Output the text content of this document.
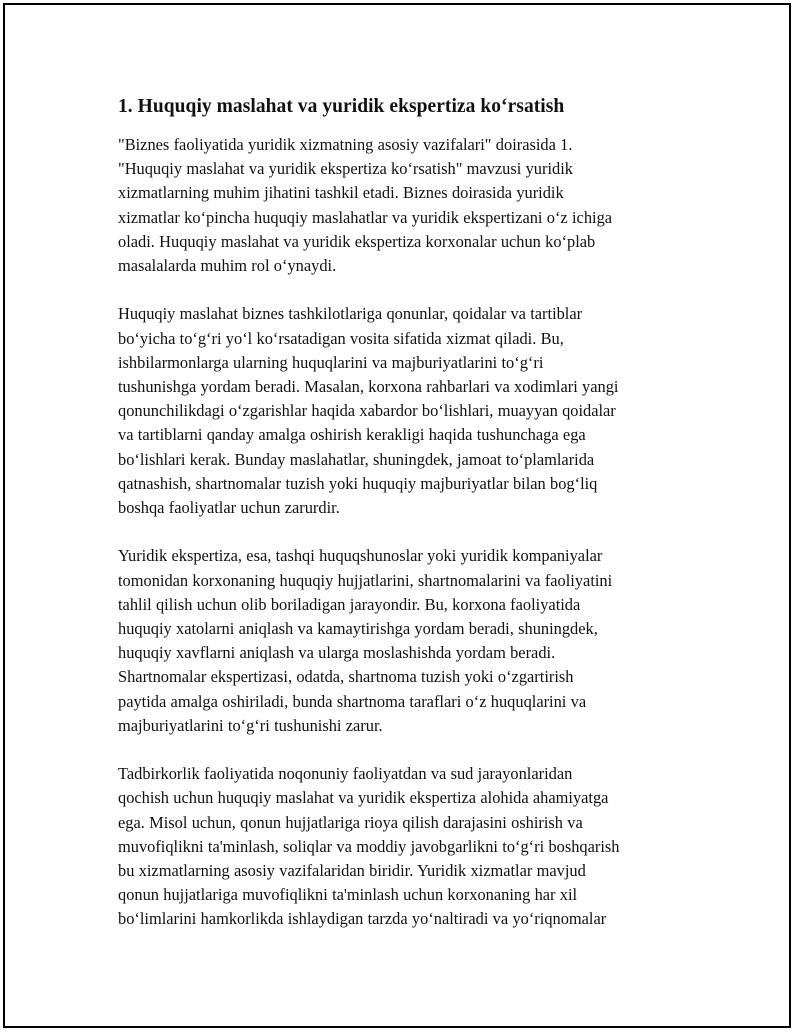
1. Huquqiy maslahat va yuridik ekspertiza ko‘rsatish

"Biznes faoliyatida yuridik xizmatning asosiy vazifalari" doirasida 1.
"Huquqiy maslahat va yuridik ekspertiza ko‘rsatish" mavzusi yuridik
xizmatlarning muhim jihatini tashkil etadi. Biznes doirasida yuridik
xizmatlar ko‘pincha huquqiy maslahatlar va yuridik ekspertizani o‘z ichiga
oladi. Huquqiy maslahat va yuridik ekspertiza korxonalar uchun ko‘plab
masalalarda muhim rol o‘ynaydi.

Huquqiy maslahat biznes tashkilotlariga qonunlar, qoidalar va tartiblar
bo‘yicha to‘g‘ri yo‘l ko‘rsatadigan vosita sifatida xizmat qiladi. Bu,
ishbilarmonlarga ularning huquqlarini va majburiyatlarini to‘g‘ri
tushunishga yordam beradi. Masalan, korxona rahbarlari va xodimlari yangi
qonunchilikdagi o‘zgarishlar haqida xabardor bo‘lishlari, muayyan qoidalar
va tartiblarni qanday amalga oshirish kerakligi haqida tushunchaga ega
bo‘lishlari kerak. Bunday maslahatlar, shuningdek, jamoat to‘plamlarida
qatnashish, shartnomalar tuzish yoki huquqiy majburiyatlar bilan bog‘liq
boshqa faoliyatlar uchun zarurdir.

Yuridik ekspertiza, esa, tashqi huquqshunoslar yoki yuridik kompaniyalar
tomonidan korxonaning huquqiy hujjatlarini, shartnomalarini va faoliyatini
tahlil qilish uchun olib boriladigan jarayondir. Bu, korxona faoliyatida
huquqiy xatolarni aniqlash va kamaytirishga yordam beradi, shuningdek,
huquqiy xavflarni aniqlash va ularga moslashishda yordam beradi.
Shartnomalar ekspertizasi, odatda, shartnoma tuzish yoki o‘zgartirish
paytida amalga oshiriladi, bunda shartnoma taraflari o‘z huquqlarini va
majburiyatlarini to‘g‘ri tushunishi zarur.

Tadbirkorlik faoliyatida noqonuniy faoliyatdan va sud jarayonlaridan
qochish uchun huquqiy maslahat va yuridik ekspertiza alohida ahamiyatga
ega. Misol uchun, qonun hujjatlariga rioya qilish darajasini oshirish va
muvofiqlikni ta'minlash, soliqlar va moddiy javobgarlikni to‘g‘ri boshqarish
bu xizmatlarning asosiy vazifalaridan biridir. Yuridik xizmatlar mavjud
qonun hujjatlariga muvofiqlikni ta'minlash uchun korxonaning har xil
bo‘limlarini hamkorlikda ishlaydigan tarzda yo‘naltiradi va yo‘riqnomalar
